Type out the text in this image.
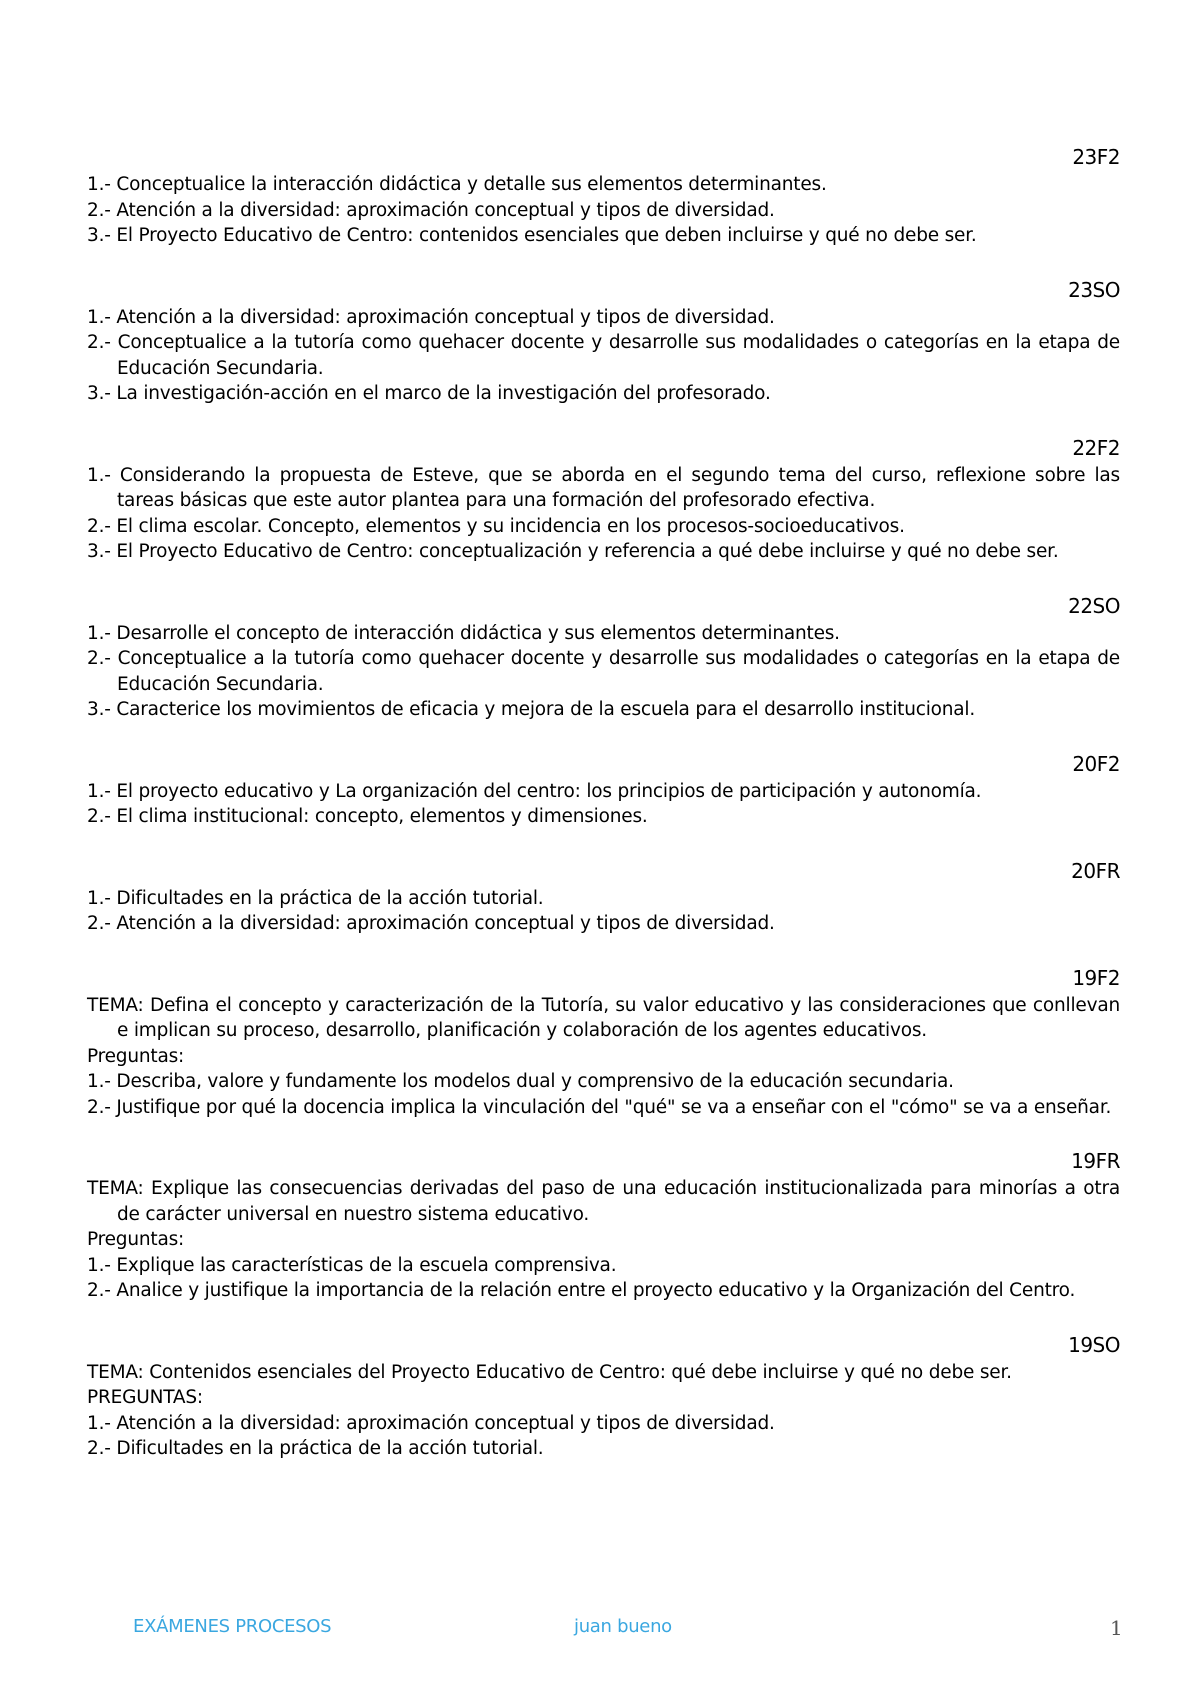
23F2
1.- Conceptualice la interacción didáctica y detalle sus elementos determinantes.
2.- Atención a la diversidad: aproximación conceptual y tipos de diversidad.
3.- El Proyecto Educativo de Centro: contenidos esenciales que deben incluirse y qué no debe ser.
23SO
1.- Atención a la diversidad: aproximación conceptual y tipos de diversidad.
2.- Conceptualice a la tutoría como quehacer docente y desarrolle sus modalidades o categorías en la etapa de Educación Secundaria.
3.- La investigación-acción en el marco de la investigación del profesorado.
22F2
1.- Considerando la propuesta de Esteve, que se aborda en el segundo tema del curso, reflexione sobre las tareas básicas que este autor plantea para una formación del profesorado efectiva.
2.- El clima escolar. Concepto, elementos y su incidencia en los procesos-socioeducativos.
3.- El Proyecto Educativo de Centro: conceptualización y referencia a qué debe incluirse y qué no debe ser.
22SO
1.- Desarrolle el concepto de interacción didáctica y sus elementos determinantes.
2.- Conceptualice a la tutoría como quehacer docente y desarrolle sus modalidades o categorías en la etapa de Educación Secundaria.
3.- Caracterice los movimientos de eficacia y mejora de la escuela para el desarrollo institucional.
20F2
1.- El proyecto educativo y La organización del centro: los principios de participación y autonomía.
2.- El clima institucional: concepto, elementos y dimensiones.
20FR
1.- Dificultades en la práctica de la acción tutorial.
2.- Atención a la diversidad: aproximación conceptual y tipos de diversidad.
19F2
TEMA: Defina el concepto y caracterización de la Tutoría, su valor educativo y las consideraciones que conllevan e implican su proceso, desarrollo, planificación y colaboración de los agentes educativos.
Preguntas:
1.- Describa, valore y fundamente los modelos dual y comprensivo de la educación secundaria.
2.- Justifique por qué la docencia implica la vinculación del "qué" se va a enseñar con el "cómo" se va a enseñar.
19FR
TEMA: Explique las consecuencias derivadas del paso de una educación institucionalizada para minorías a otra de carácter universal en nuestro sistema educativo.
Preguntas:
1.- Explique las características de la escuela comprensiva.
2.- Analice y justifique la importancia de la relación entre el proyecto educativo y la Organización del Centro.
19SO
TEMA: Contenidos esenciales del Proyecto Educativo de Centro: qué debe incluirse y qué no debe ser.
PREGUNTAS:
1.- Atención a la diversidad: aproximación conceptual y tipos de diversidad.
2.- Dificultades en la práctica de la acción tutorial.
EXÁMENES PROCESOS	juan bueno	1
